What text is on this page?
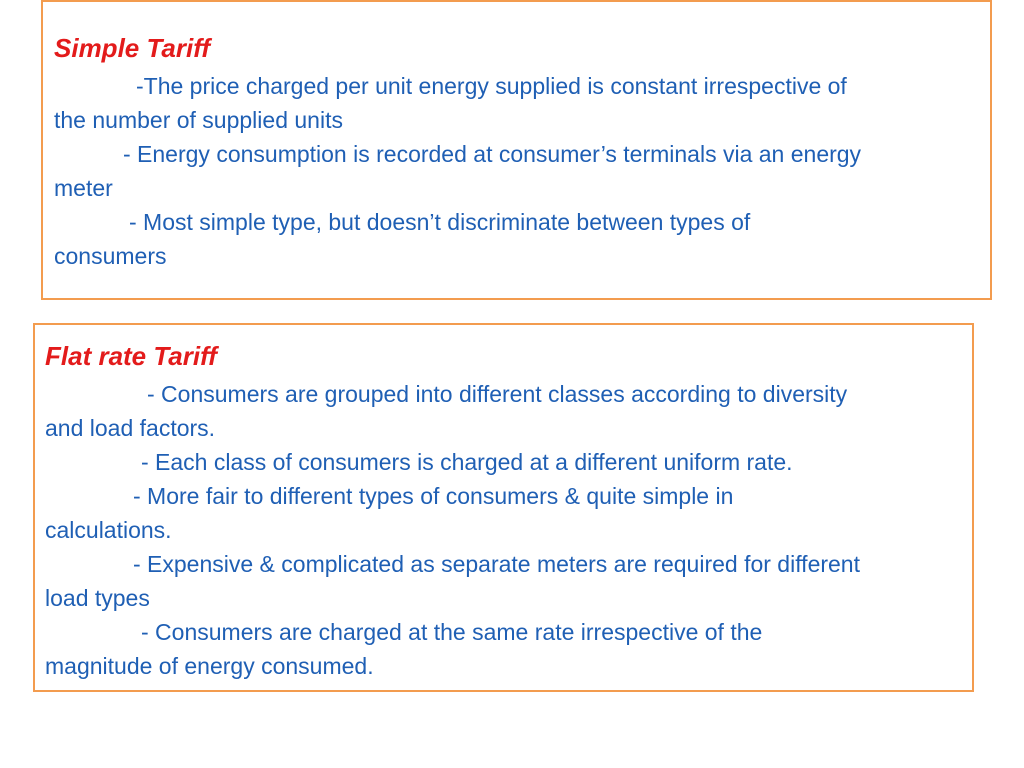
Simple Tariff
-The price charged per unit energy supplied is constant irrespective of
the number of supplied units
- Energy consumption is recorded at consumer’s terminals via an energy
meter
- Most simple type, but doesn’t discriminate between types of
consumers
Flat rate Tariff
- Consumers are grouped into different classes according to diversity
and load factors.
- Each class of consumers is charged at a different uniform rate.
- More fair to different types of consumers & quite simple in
calculations.
- Expensive & complicated as separate meters are required for different
load types
- Consumers are charged at the same rate irrespective of the
magnitude of energy consumed.
